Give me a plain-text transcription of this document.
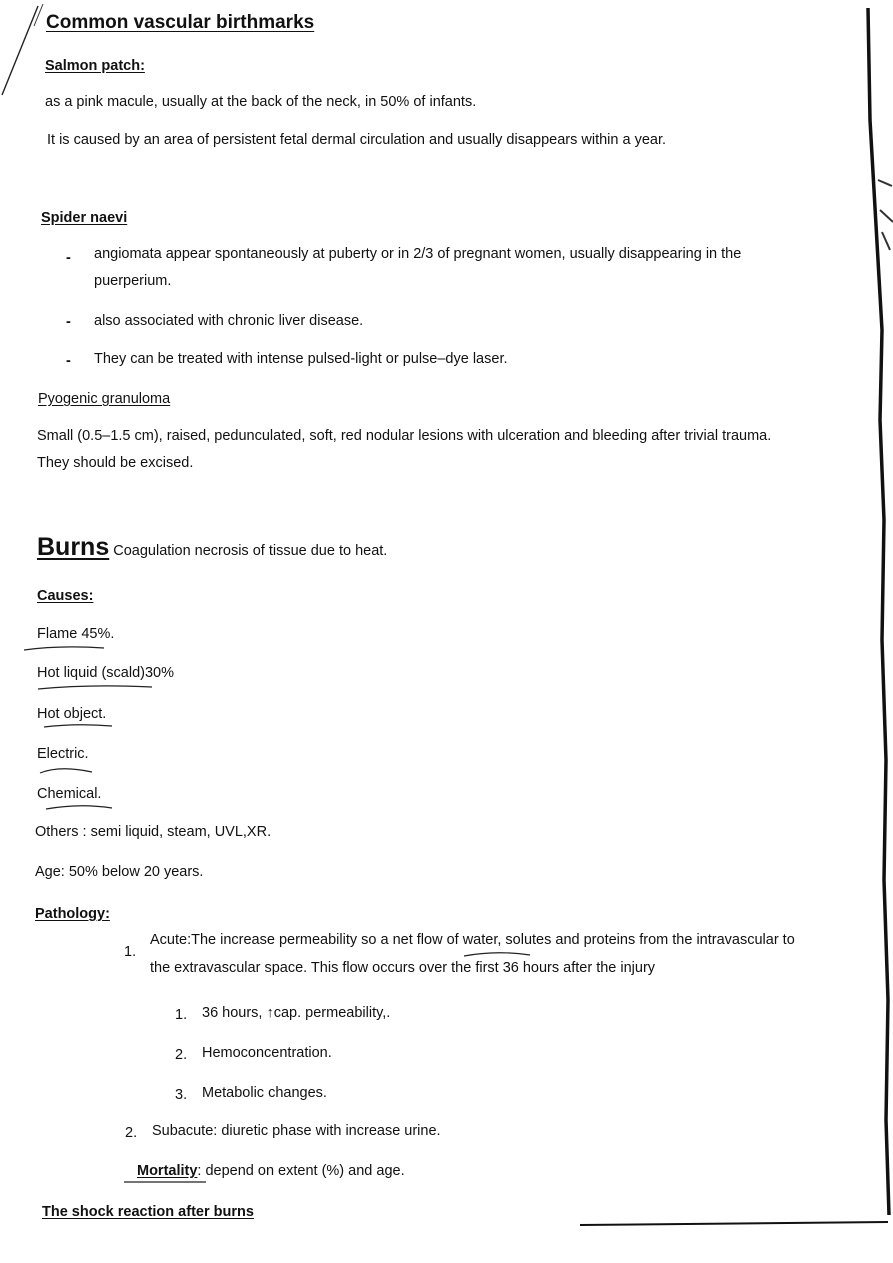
Common vascular birthmarks
Salmon patch:
as a pink macule, usually at the back of the neck, in 50% of infants.
It is caused by an area of persistent fetal dermal circulation and usually disappears within a year.
Spider naevi
- angiomata appear spontaneously at puberty or in 2/3 of pregnant women, usually disappearing in the
puerperium.
- also associated with chronic liver disease.
- They can be treated with intense pulsed-light or pulse–dye laser.
Pyogenic granuloma
Small (0.5–1.5 cm), raised, pedunculated, soft, red nodular lesions with ulceration and bleeding after trivial trauma.
They should be excised.
Burns Coagulation necrosis of tissue due to heat.
Causes:
Flame 45%.
Hot liquid (scald)30%
Hot object.
Electric.
Chemical.
Others : semi liquid, steam, UVL,XR.
Age: 50% below 20 years.
Pathology:
1.
Acute:The increase permeability so a net flow of water, solutes and proteins from the intravascular to
the extravascular space. This flow occurs over the first 36 hours after the injury
1. 36 hours, ↑cap. permeability,.
2. Hemoconcentration.
3. Metabolic changes.
2. Subacute: diuretic phase with increase urine.
Mortality: depend on extent (%) and age.
The shock reaction after burns
